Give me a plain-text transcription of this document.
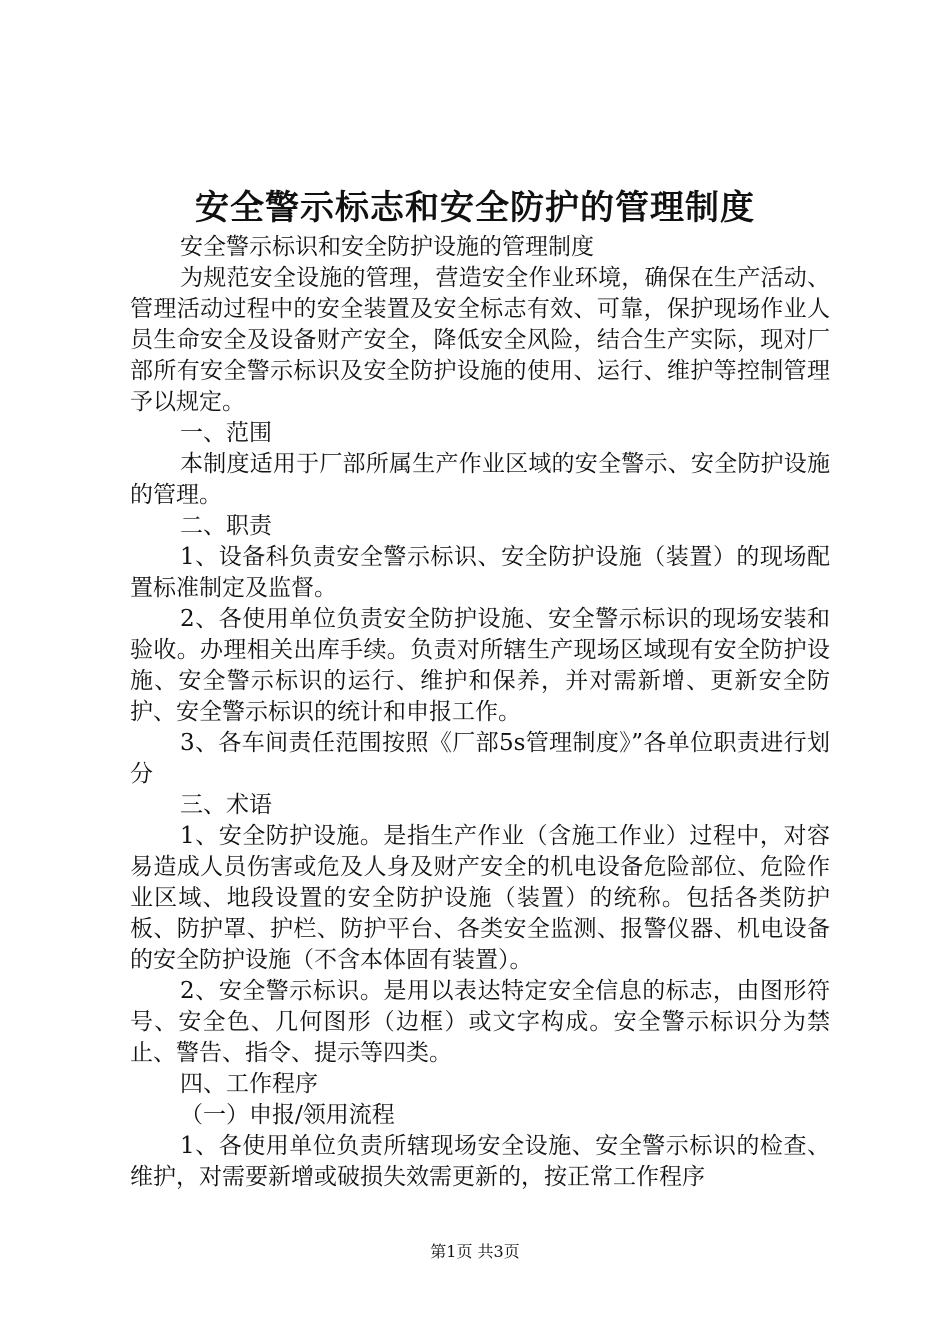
安全警示标志和安全防护的管理制度

安全警示标识和安全防护设施的管理制度

为规范安全设施的管理，营造安全作业环境，确保在生产活动、管理活动过程中的安全装置及安全标志有效、可靠，保护现场作业人员生命安全及设备财产安全，降低安全风险，结合生产实际，现对厂部所有安全警示标识及安全防护设施的使用、运行、维护等控制管理予以规定。

一、范围

本制度适用于厂部所属生产作业区域的安全警示、安全防护设施的管理。

二、职责

1、设备科负责安全警示标识、安全防护设施（装置）的现场配置标准制定及监督。

2、各使用单位负责安全防护设施、安全警示标识的现场安装和验收。办理相关出库手续。负责对所辖生产现场区域现有安全防护设施、安全警示标识的运行、维护和保养，并对需新增、更新安全防护、安全警示标识的统计和申报工作。

3、各车间责任范围按照《厂部5s管理制度》”各单位职责进行划分

三、术语

1、安全防护设施。是指生产作业（含施工作业）过程中，对容易造成人员伤害或危及人身及财产安全的机电设备危险部位、危险作业区域、地段设置的安全防护设施（装置）的统称。包括各类防护板、防护罩、护栏、防护平台、各类安全监测、报警仪器、机电设备的安全防护设施（不含本体固有装置）。

2、安全警示标识。是用以表达特定安全信息的标志，由图形符号、安全色、几何图形（边框）或文字构成。安全警示标识分为禁止、警告、指令、提示等四类。

四、工作程序

（一）申报/领用流程

1、各使用单位负责所辖现场安全设施、安全警示标识的检查、维护，对需要新增或破损失效需更新的，按正常工作程序

第1页 共3页
